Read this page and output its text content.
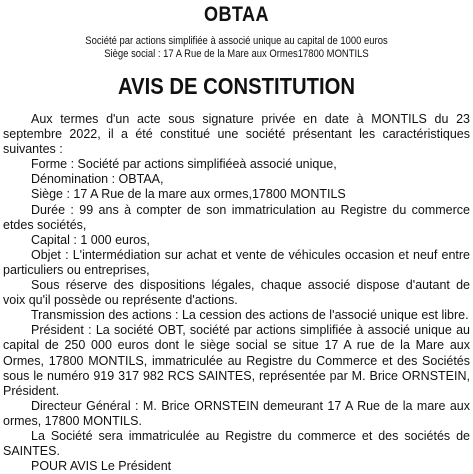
OBTAA
Société par actions simplifiée à associé unique au capital de 1000 euros
Siège social : 17 A Rue de la Mare aux Ormes17800 MONTILS
AVIS DE CONSTITUTION

Aux termes d'un acte sous signature privée en date à MONTILS du 23 septembre 2022, il a été constitué une société présentant les caractéristiques suivantes :

Forme : Société par actions simplifiéeà associé unique,

Dénomination : OBTAA,

Siège : 17 A Rue de la mare aux ormes,17800 MONTILS

Durée : 99 ans à compter de son immatriculation au Registre du commerce etdes sociétés,

Capital : 1 000 euros,

Objet : L'intermédiation sur achat et vente de véhicules occasion et neuf entre particuliers ou entreprises,

Sous réserve des dispositions légales, chaque associé dispose d'autant de voix qu'il possède ou représente d'actions.

Transmission des actions : La cession des actions de l'associé unique est libre.

Président : La société OBT, société par actions simplifiée à associé unique au capital de 250 000 euros dont le siège social se situe 17 A rue de la Mare aux Ormes, 17800 MONTILS, immatriculée au Registre du Commerce et des Sociétés sous le numéro 919 317 982 RCS SAINTES, représentée par M. Brice ORNSTEIN, Président.

Directeur Général : M. Brice ORNSTEIN demeurant 17 A Rue de la mare aux ormes, 17800 MONTILS.

La Société sera immatriculée au Registre du commerce et des sociétés de SAINTES.

POUR AVIS Le Président
